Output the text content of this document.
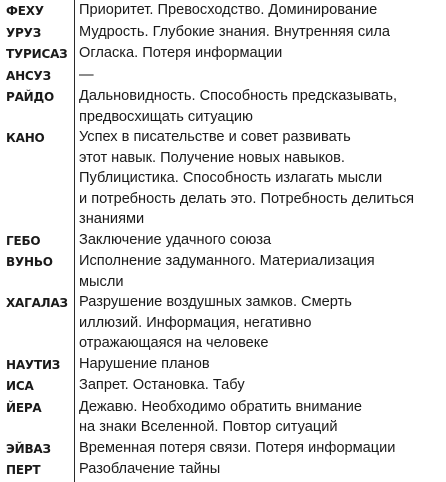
ФЕХУ	Приоритет. Превосходство. Доминирование
УРУЗ	Мудрость. Глубокие знания. Внутренняя сила
ТУРИСАЗ Огласка. Потеря информации
АНСУЗ	—
РАЙДО	Дальновидность. Способность предсказывать,
предвосхищать ситуацию
КАНО	Успех в писательстве и совет развивать
этот навык. Получение новых навыков.
Публицистика. Способность излагать мысли
и потребность делать это. Потребность делиться
знаниями
ГЕБО	Заключение удачного союза
ВУНЬО	Исполнение задуманного. Материализация
мысли
ХАГАЛАЗ Разрушение воздушных замков. Смерть
иллюзий. Информация, негативно
отражающаяся на человеке
НАУТИЗ	Нарушение планов
ИСА	Запрет. Остановка. Табу
ЙЕРА	Дежавю. Необходимо обратить внимание
на знаки Вселенной. Повтор ситуаций
ЭЙВАЗ	Временная потеря связи. Потеря информации
ПЕРТ	Разоблачение тайны
